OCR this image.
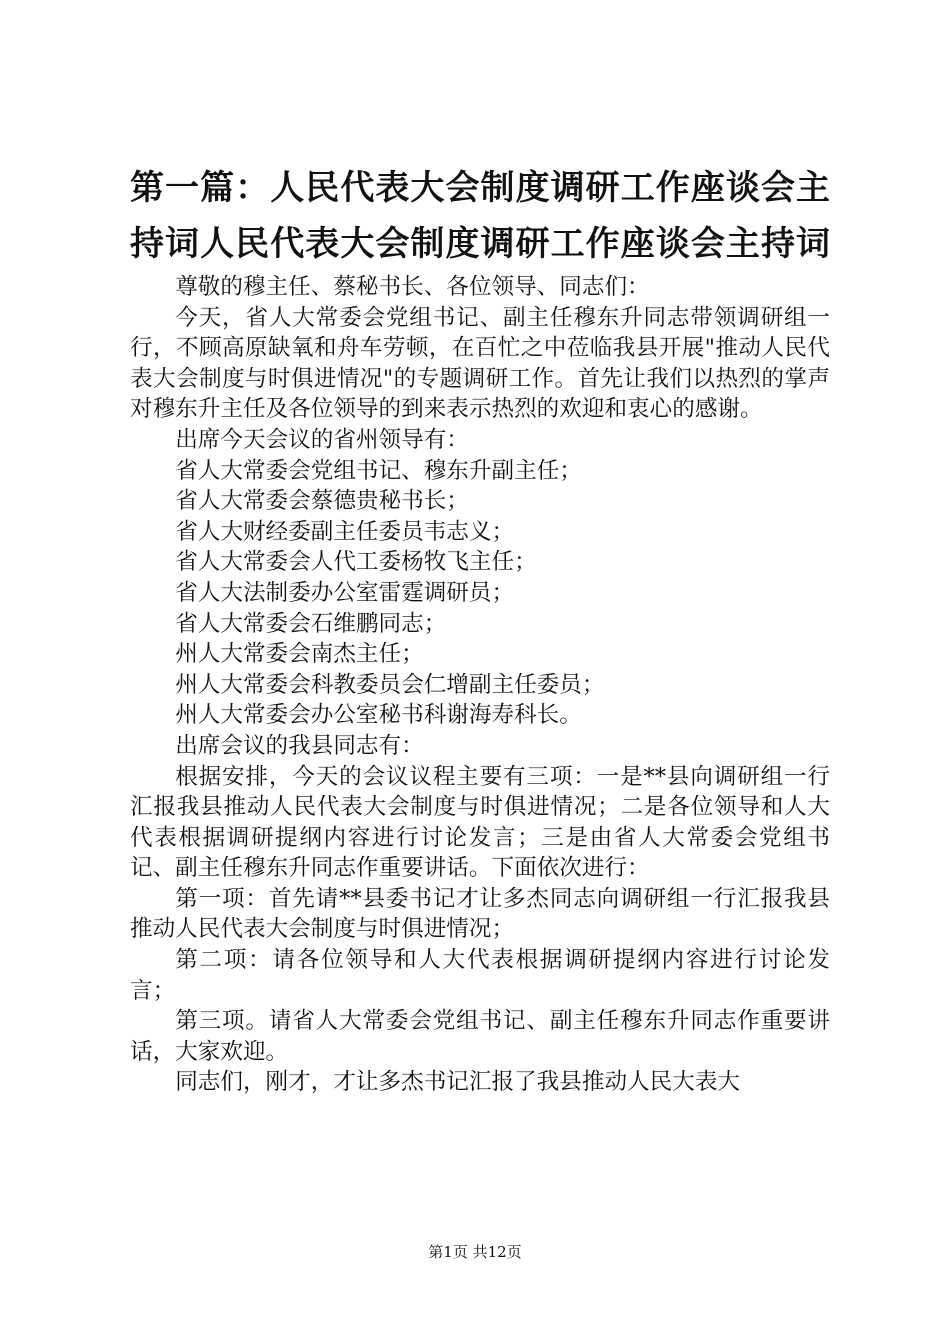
第一篇：人民代表大会制度调研工作座谈会主
持词人民代表大会制度调研工作座谈会主持词

尊敬的穆主任、蔡秘书长、各位领导、同志们：

今天，省人大常委会党组书记、副主任穆东升同志带领调研组一行，不顾高原缺氧和舟车劳顿，在百忙之中莅临我县开展"推动人民代表大会制度与时俱进情况"的专题调研工作。首先让我们以热烈的掌声对穆东升主任及各位领导的到来表示热烈的欢迎和衷心的感谢。

出席今天会议的省州领导有：

省人大常委会党组书记、穆东升副主任；

省人大常委会蔡德贵秘书长；

省人大财经委副主任委员韦志义；

省人大常委会人代工委杨牧飞主任；

省人大法制委办公室雷霆调研员；

省人大常委会石维鹏同志；

州人大常委会南杰主任；

州人大常委会科教委员会仁增副主任委员；

州人大常委会办公室秘书科谢海寿科长。

出席会议的我县同志有：

根据安排，今天的会议议程主要有三项：一是**县向调研组一行汇报我县推动人民代表大会制度与时俱进情况；二是各位领导和人大代表根据调研提纲内容进行讨论发言；三是由省人大常委会党组书记、副主任穆东升同志作重要讲话。下面依次进行：

第一项：首先请**县委书记才让多杰同志向调研组一行汇报我县推动人民代表大会制度与时俱进情况；

第二项：请各位领导和人大代表根据调研提纲内容进行讨论发言；

第三项。请省人大常委会党组书记、副主任穆东升同志作重要讲话，大家欢迎。

同志们，刚才，才让多杰书记汇报了我县推动人民大表大

第1页 共12页
